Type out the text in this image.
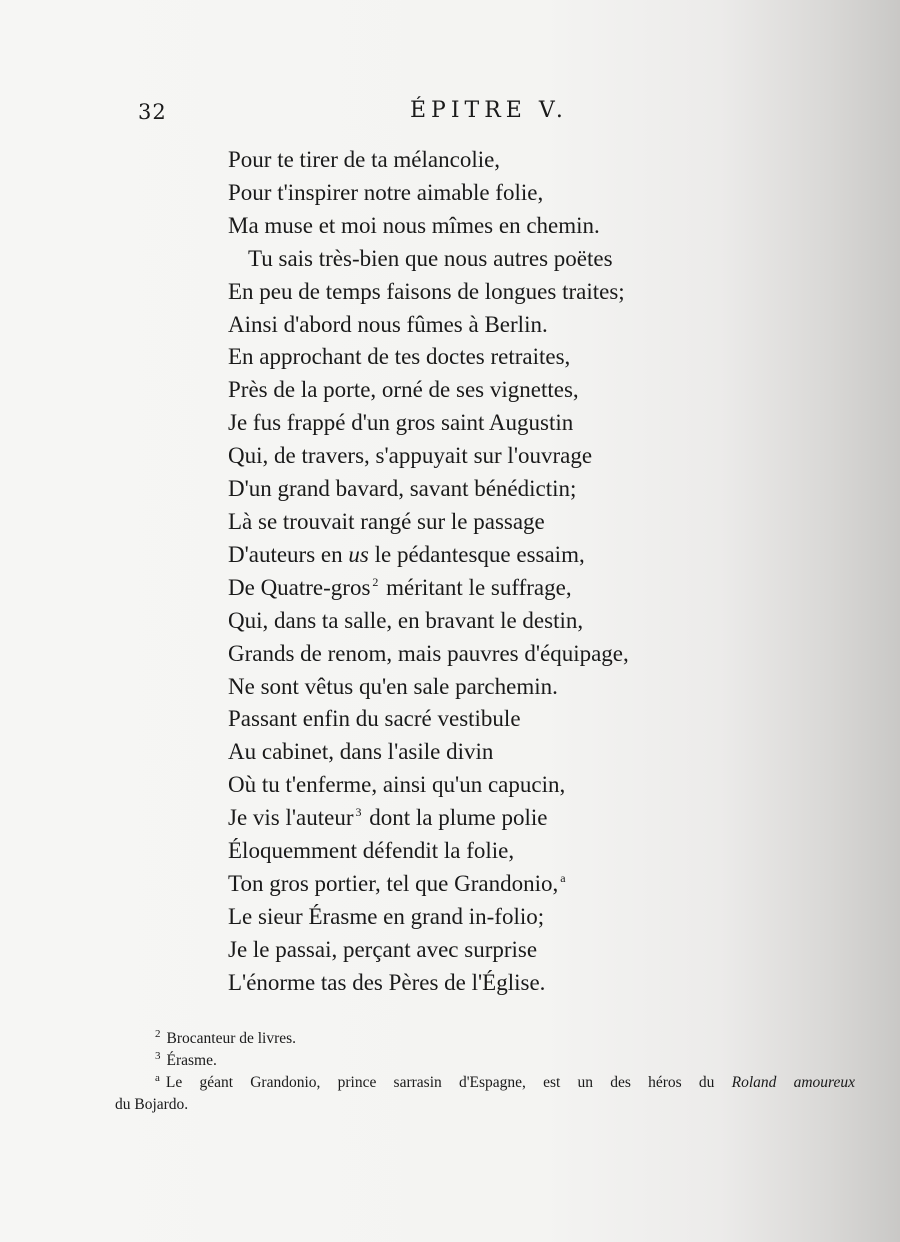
32	ÉPITRE V.
Pour te tirer de ta mélancolie,
Pour t'inspirer notre aimable folie,
Ma muse et moi nous mîmes en chemin.
Tu sais très-bien que nous autres poëtes
En peu de temps faisons de longues traites;
Ainsi d'abord nous fûmes à Berlin.
En approchant de tes doctes retraites,
Près de la porte, orné de ses vignettes,
Je fus frappé d'un gros saint Augustin
Qui, de travers, s'appuyait sur l'ouvrage
D'un grand bavard, savant bénédictin;
Là se trouvait rangé sur le passage
D'auteurs en us le pédantesque essaim,
De Quatre-gros $^2$ méritant le suffrage,
Qui, dans ta salle, en bravant le destin,
Grands de renom, mais pauvres d'équipage,
Ne sont vêtus qu'en sale parchemin.
Passant enfin du sacré vestibule
Au cabinet, dans l'asile divin
Où tu t'enferme, ainsi qu'un capucin,
Je vis l'auteur $^3$ dont la plume polie
Éloquemment défendit la folie,
Ton gros portier, tel que Grandonio, $^a$
Le sieur Érasme en grand in-folio;
Je le passai, perçant avec surprise
L'énorme tas des Pères de l'Église.
$^2$ Brocanteur de livres.
$^3$ Érasme.
$^a$ Le géant Grandonio, prince sarrasin d'Espagne, est un des héros du Roland amoureux
du Bojardo.
